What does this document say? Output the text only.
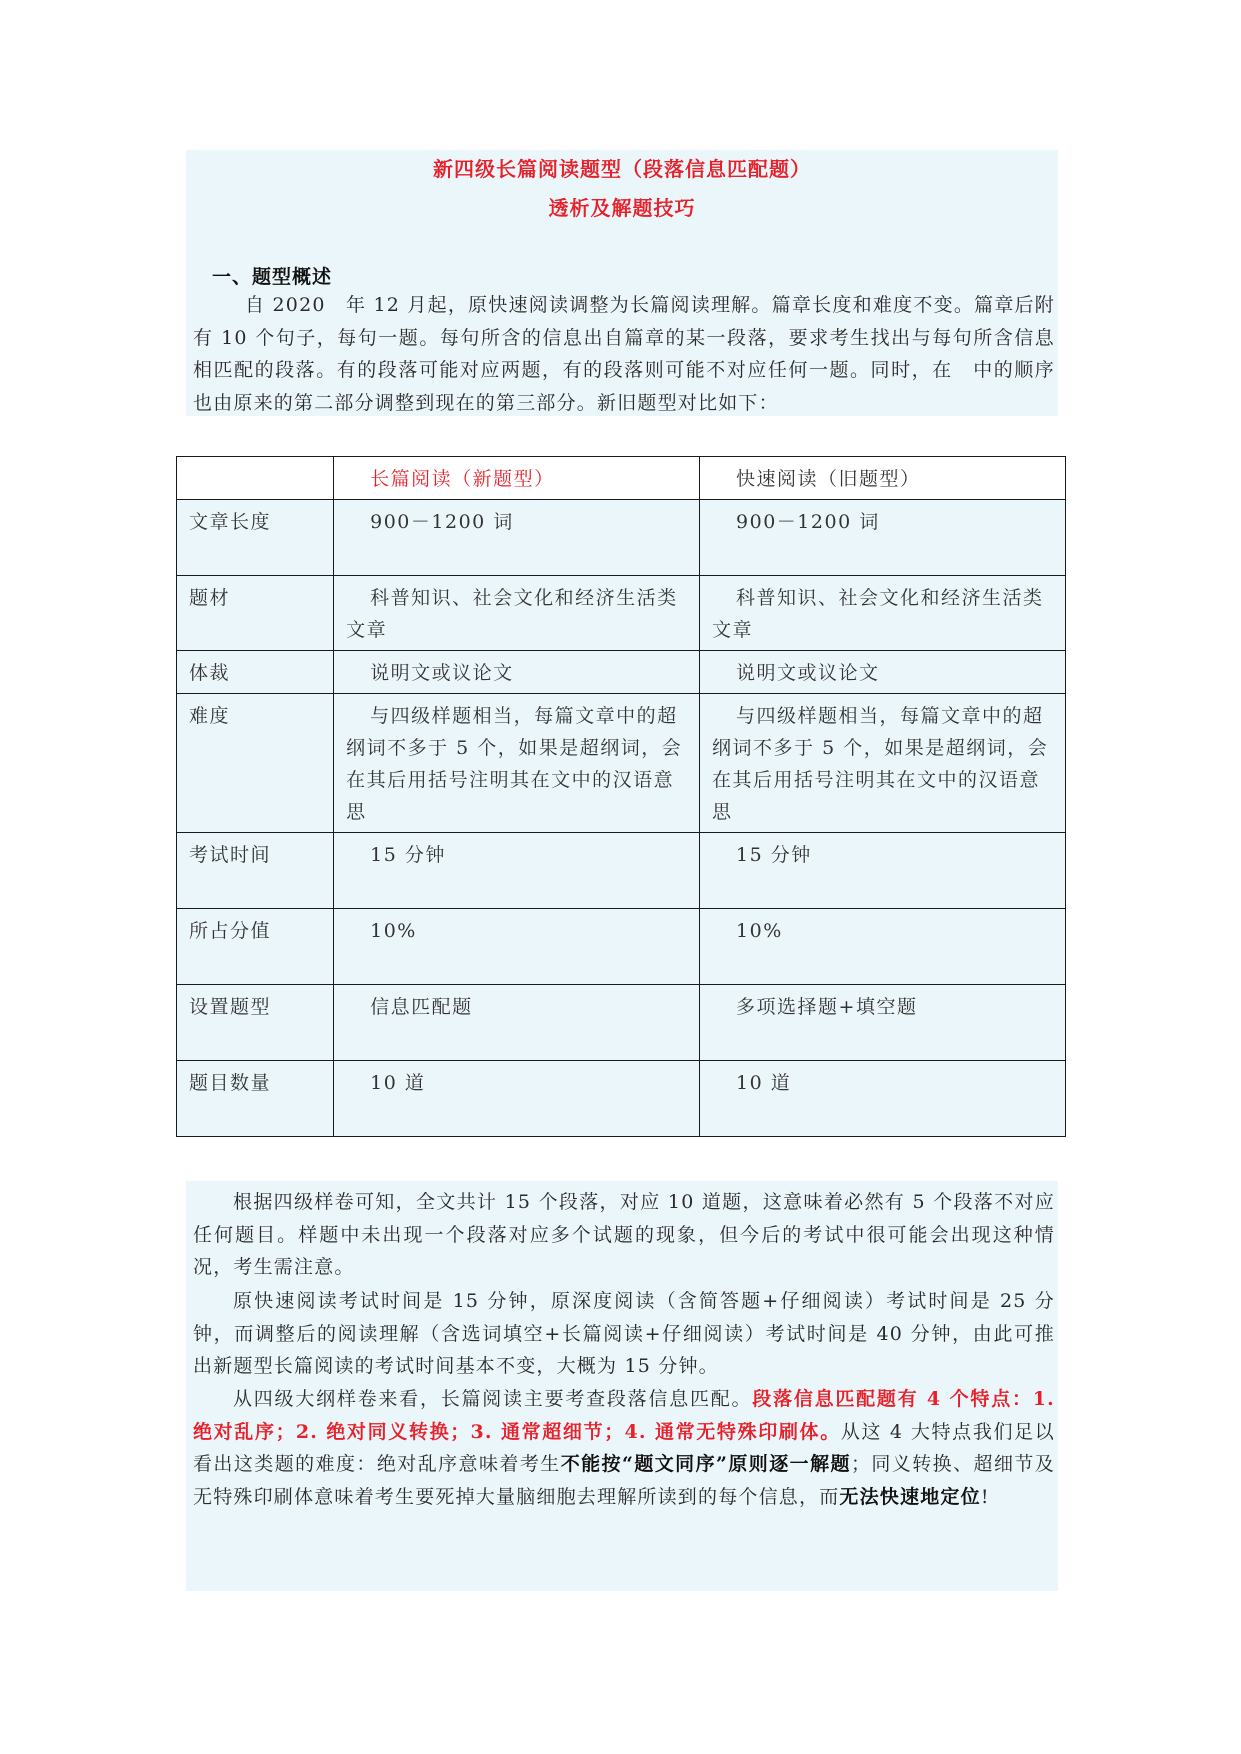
新四级长篇阅读题型（段落信息匹配题）
透析及解题技巧
一、题型概述
自 2020　年 12 月起，原快速阅读调整为长篇阅读理解。篇章长度和难度不变。篇章后附有 10 个句子，每句一题。每句所含的信息出自篇章的某一段落，要求考生找出与每句所含信息相匹配的段落。有的段落可能对应两题，有的段落则可能不对应任何一题。同时，在　中的顺序也由原来的第二部分调整到现在的第三部分。新旧题型对比如下：

	长篇阅读（新题型）	快速阅读（旧题型）

文章长度	900－1200 词	900－1200 词

题材	科普知识、社会文化和经济生活类文章	科普知识、社会文化和经济生活类文章

体裁	说明文或议论文	说明文或议论文

难度	与四级样题相当，每篇文章中的超纲词不多于 5 个，如果是超纲词，会在其后用括号注明其在文中的汉语意思	与四级样题相当，每篇文章中的超纲词不多于 5 个，如果是超纲词，会在其后用括号注明其在文中的汉语意思

考试时间	15 分钟	15 分钟

所占分值	10%	10%

设置题型	信息匹配题	多项选择题+填空题

题目数量	10 道	10 道
根据四级样卷可知，全文共计 15 个段落，对应 10 道题，这意味着必然有 5 个段落不对应任何题目。样题中未出现一个段落对应多个试题的现象，但今后的考试中很可能会出现这种情况，考生需注意。
原快速阅读考试时间是 15 分钟，原深度阅读（含简答题+仔细阅读）考试时间是 25 分钟，而调整后的阅读理解（含选词填空+长篇阅读+仔细阅读）考试时间是 40 分钟，由此可推出新题型长篇阅读的考试时间基本不变，大概为 15 分钟。
从四级大纲样卷来看，长篇阅读主要考查段落信息匹配。段落信息匹配题有 4 个特点：1. 绝对乱序；2. 绝对同义转换；3. 通常超细节；4. 通常无特殊印刷体。从这 4 大特点我们足以看出这类题的难度：绝对乱序意味着考生不能按“题文同序”原则逐一解题；同义转换、超细节及无特殊印刷体意味着考生要死掉大量脑细胞去理解所读到的每个信息，而无法快速地定位!
